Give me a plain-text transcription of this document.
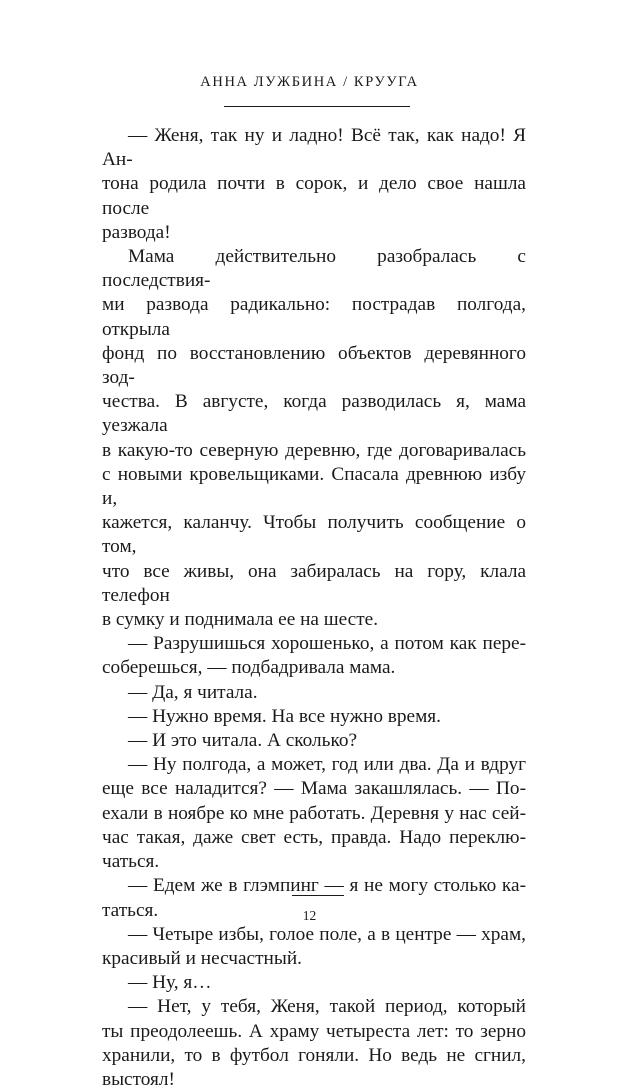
АННА ЛУЖБИНА / КРУУГА

— Женя, так ну и ладно! Всё так, как надо! Я Ан-
тона родила почти в сорок, и дело свое нашла после
развода!

Мама действительно разобралась с последствия-
ми развода радикально: пострадав полгода, открыла
фонд по восстановлению объектов деревянного зод-
чества. В августе, когда разводилась я, мама уезжала
в какую-то северную деревню, где договаривалась
с новыми кровельщиками. Спасала древнюю избу и,
кажется, каланчу. Чтобы получить сообщение о том,
что все живы, она забиралась на гору, клала телефон
в сумку и поднимала ее на шесте.

— Разрушишься хорошенько, а потом как пере-
соберешься, — подбадривала мама.

— Да, я читала.

— Нужно время. На все нужно время.

— И это читала. А сколько?

— Ну полгода, а может, год или два. Да и вдруг
еще все наладится? — Мама закашлялась. — По-
ехали в ноябре ко мне работать. Деревня у нас сей-
час такая, даже свет есть, правда. Надо переклю-
чаться.

— Едем же в глэмпинг — я не могу столько ка-
таться.

— Четыре избы, голое поле, а в центре — храм,
красивый и несчастный.

— Ну, я…

— Нет, у тебя, Женя, такой период, который
ты преодолеешь. А храму четыреста лет: то зерно
хранили, то в футбол гоняли. Но ведь не сгнил,
выстоял!

12
